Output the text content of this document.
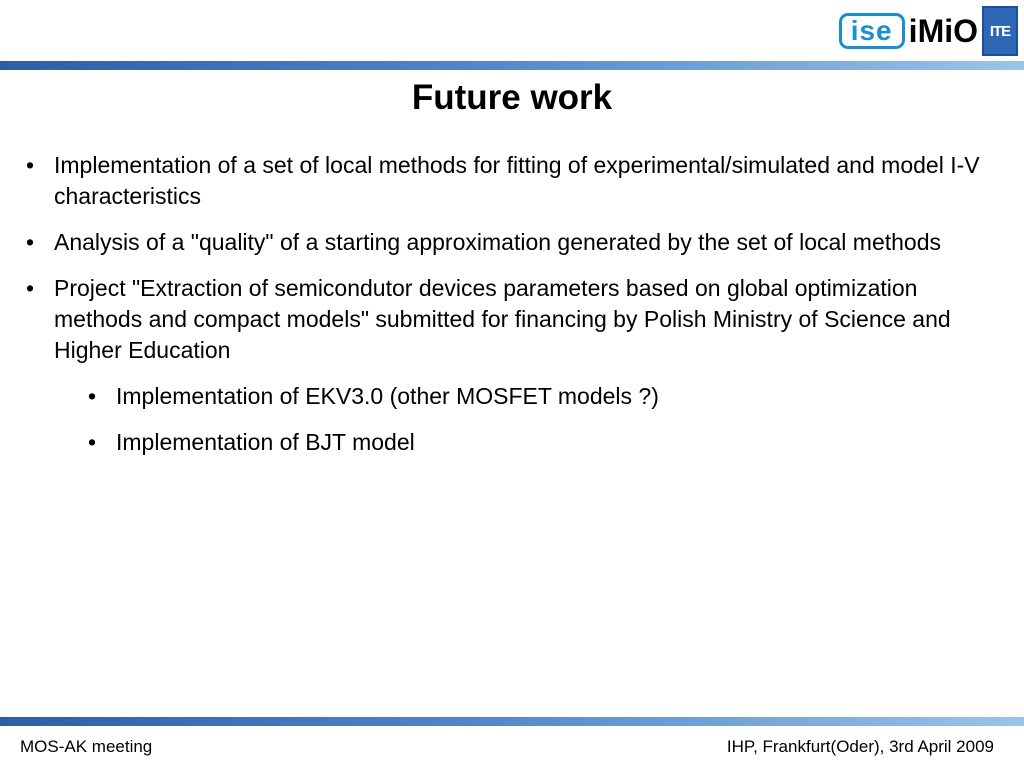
ise iMiO ITE
Future work
• Implementation of a set of local methods for fitting of experimental/simulated and model I-V characteristics
• Analysis of a "quality" of a starting approximation generated by the set of local methods
• Project "Extraction of semicondutor devices parameters based on global optimization methods and compact models" submitted for financing by Polish Ministry of Science and Higher Education
• Implementation of EKV3.0 (other MOSFET models ?)
• Implementation of BJT model
MOS-AK meeting	IHP, Frankfurt(Oder), 3rd April 2009
